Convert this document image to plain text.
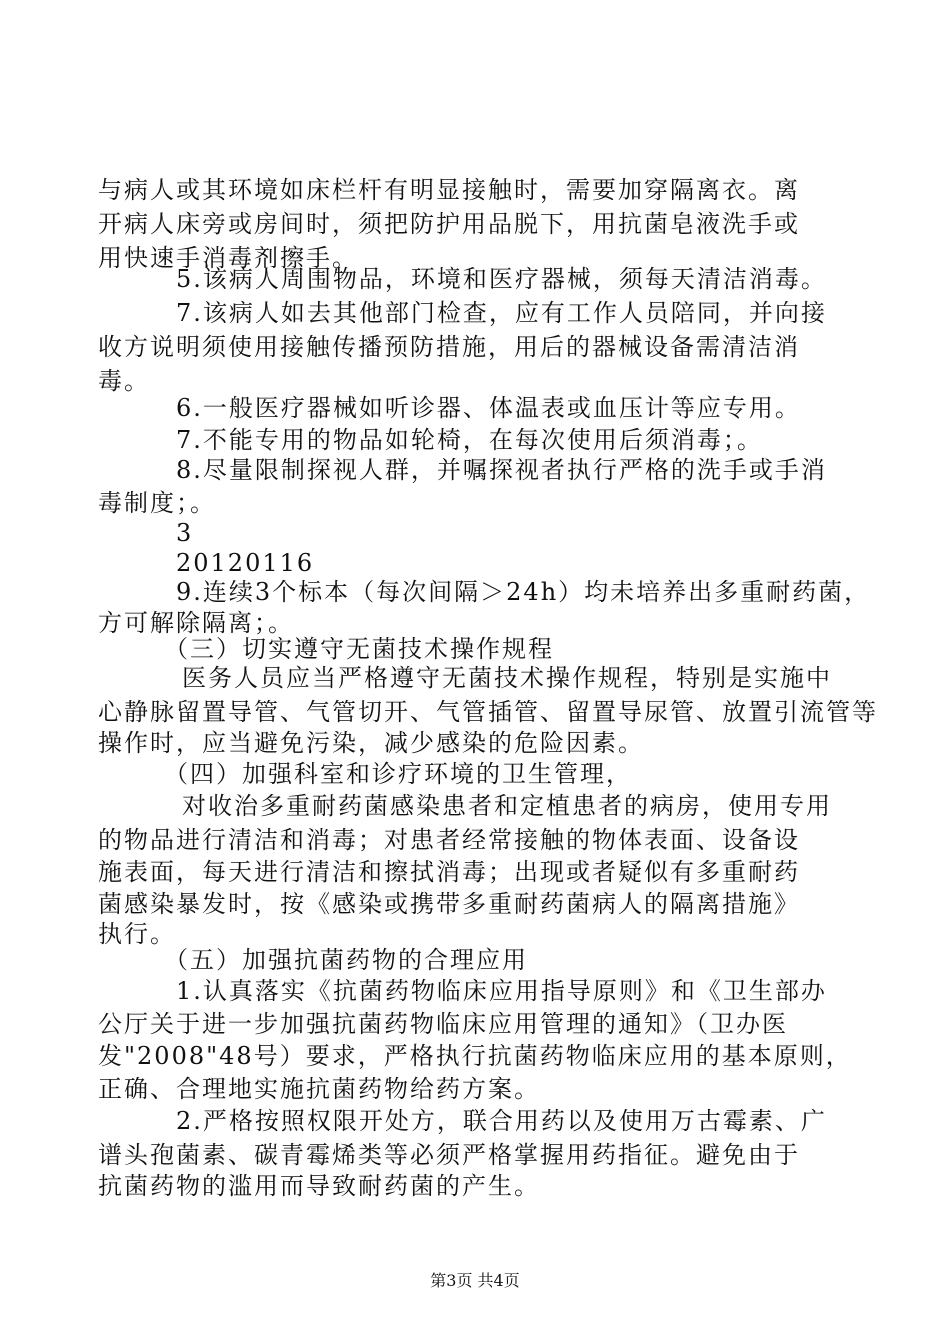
与病人或其环境如床栏杆有明显接触时，需要加穿隔离衣。离
开病人床旁或房间时，须把防护用品脱下，用抗菌皂液洗手或
用快速手消毒剂擦手。
5.该病人周围物品，环境和医疗器械，须每天清洁消毒。
7.该病人如去其他部门检查，应有工作人员陪同，并向接
收方说明须使用接触传播预防措施，用后的器械设备需清洁消
毒。
6.一般医疗器械如听诊器、体温表或血压计等应专用。
7.不能专用的物品如轮椅，在每次使用后须消毒；。
8.尽量限制探视人群，并嘱探视者执行严格的洗手或手消
毒制度；。
3
20120116
9.连续3个标本（每次间隔＞24h）均未培养出多重耐药菌，
方可解除隔离；。
（三）切实遵守无菌技术操作规程
医务人员应当严格遵守无菌技术操作规程，特别是实施中
心静脉留置导管、气管切开、气管插管、留置导尿管、放置引流管等
操作时，应当避免污染，减少感染的危险因素。
（四）加强科室和诊疗环境的卫生管理，
对收治多重耐药菌感染患者和定植患者的病房，使用专用
的物品进行清洁和消毒；对患者经常接触的物体表面、设备设
施表面，每天进行清洁和擦拭消毒；出现或者疑似有多重耐药
菌感染暴发时，按《感染或携带多重耐药菌病人的隔离措施》
执行。
（五）加强抗菌药物的合理应用
1.认真落实《抗菌药物临床应用指导原则》和《卫生部办
公厅关于进一步加强抗菌药物临床应用管理的通知》（卫办医
发"2008"48号）要求，严格执行抗菌药物临床应用的基本原则，
正确、合理地实施抗菌药物给药方案。
2.严格按照权限开处方，联合用药以及使用万古霉素、广
谱头孢菌素、碳青霉烯类等必须严格掌握用药指征。避免由于
抗菌药物的滥用而导致耐药菌的产生。
第3页 共4页
